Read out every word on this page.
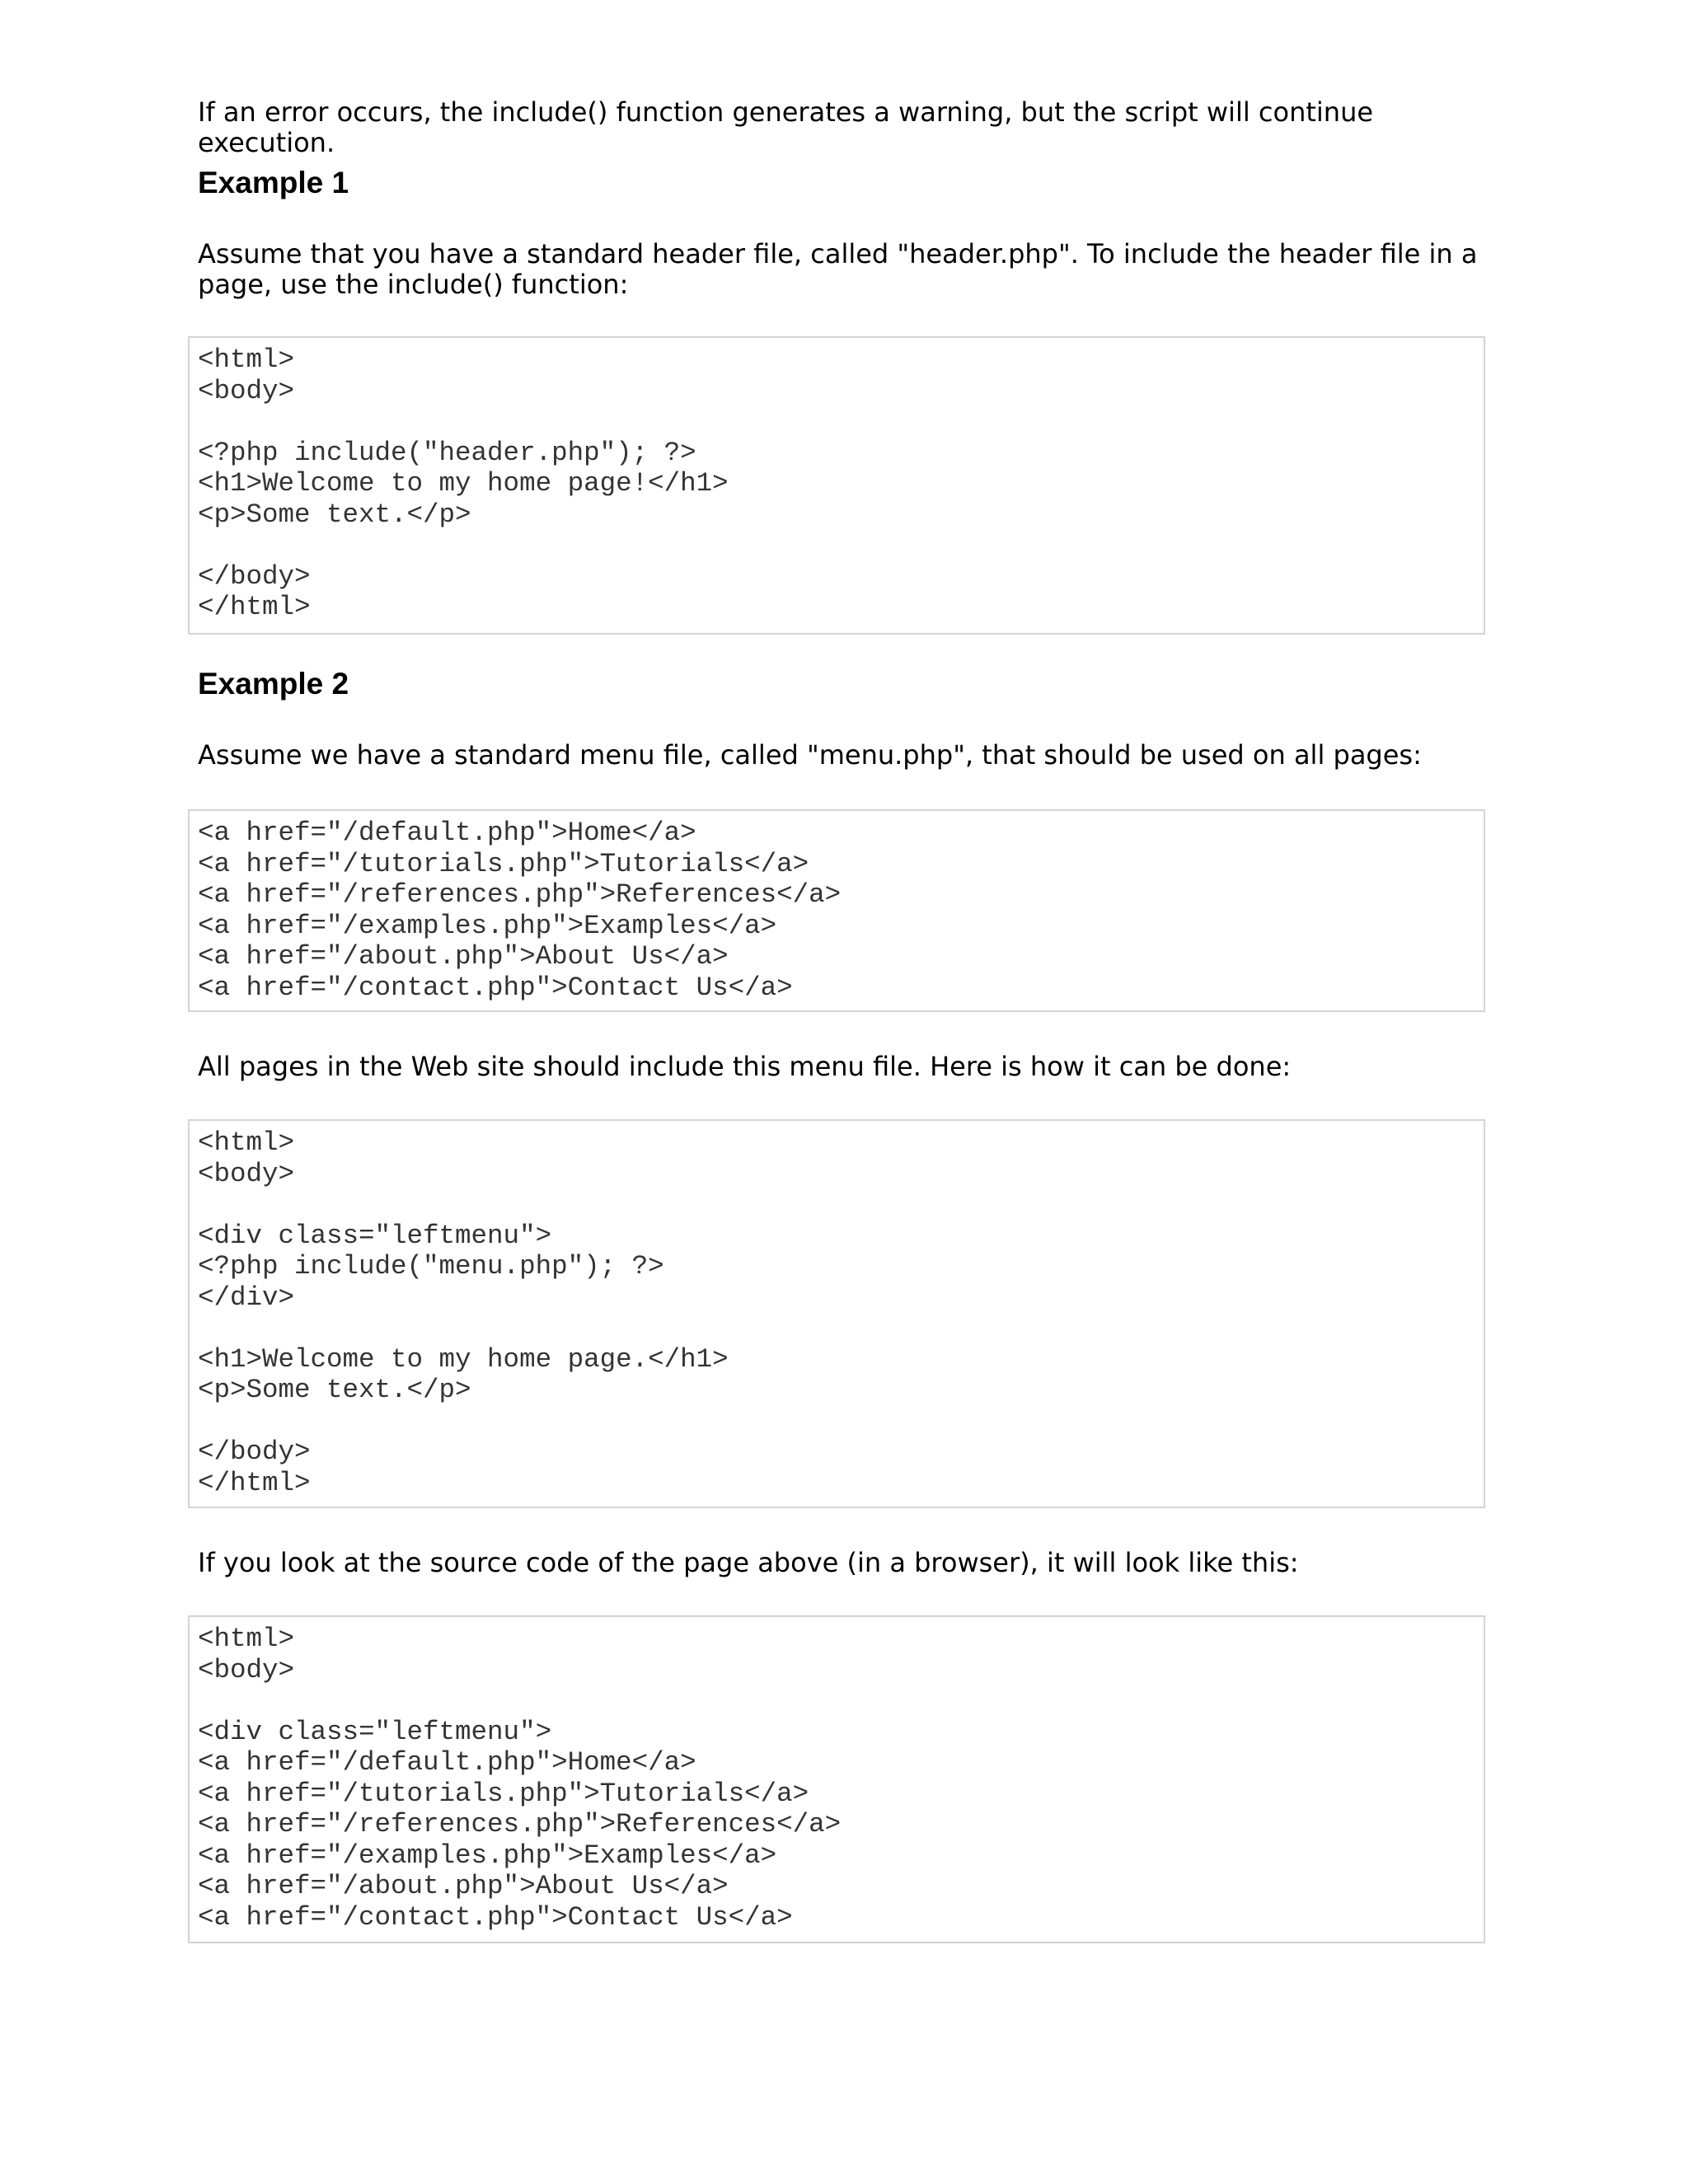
If an error occurs, the include() function generates a warning, but the script will continue execution.

Example 1

Assume that you have a standard header file, called "header.php". To include the header file in a

page, use the include() function:

<html>
<body>
<?php include("header.php"); ?>
<h1>Welcome to my home page!</h1>
<p>Some text.</p>
</body>
</html>
Example 2

Assume we have a standard menu file, called "menu.php", that should be used on all pages:

<a href="/default.php">Home</a>
<a href="/tutorials.php">Tutorials</a>
<a href="/references.php">References</a>
<a href="/examples.php">Examples</a>
<a href="/about.php">About Us</a>
<a href="/contact.php">Contact Us</a>

All pages in the Web site should include this menu file. Here is how it can be done:

<html>
<body>
<div class="leftmenu">
<?php include("menu.php"); ?>
</div>
<h1>Welcome to my home page.</h1>
<p>Some text.</p>
</body>
</html>

If you look at the source code of the page above (in a browser), it will look like this:

<html>
<body>
<div class="leftmenu">
<a href="/default.php">Home</a>
<a href="/tutorials.php">Tutorials</a>
<a href="/references.php">References</a>
<a href="/examples.php">Examples</a>
<a href="/about.php">About Us</a>
<a href="/contact.php">Contact Us</a>
